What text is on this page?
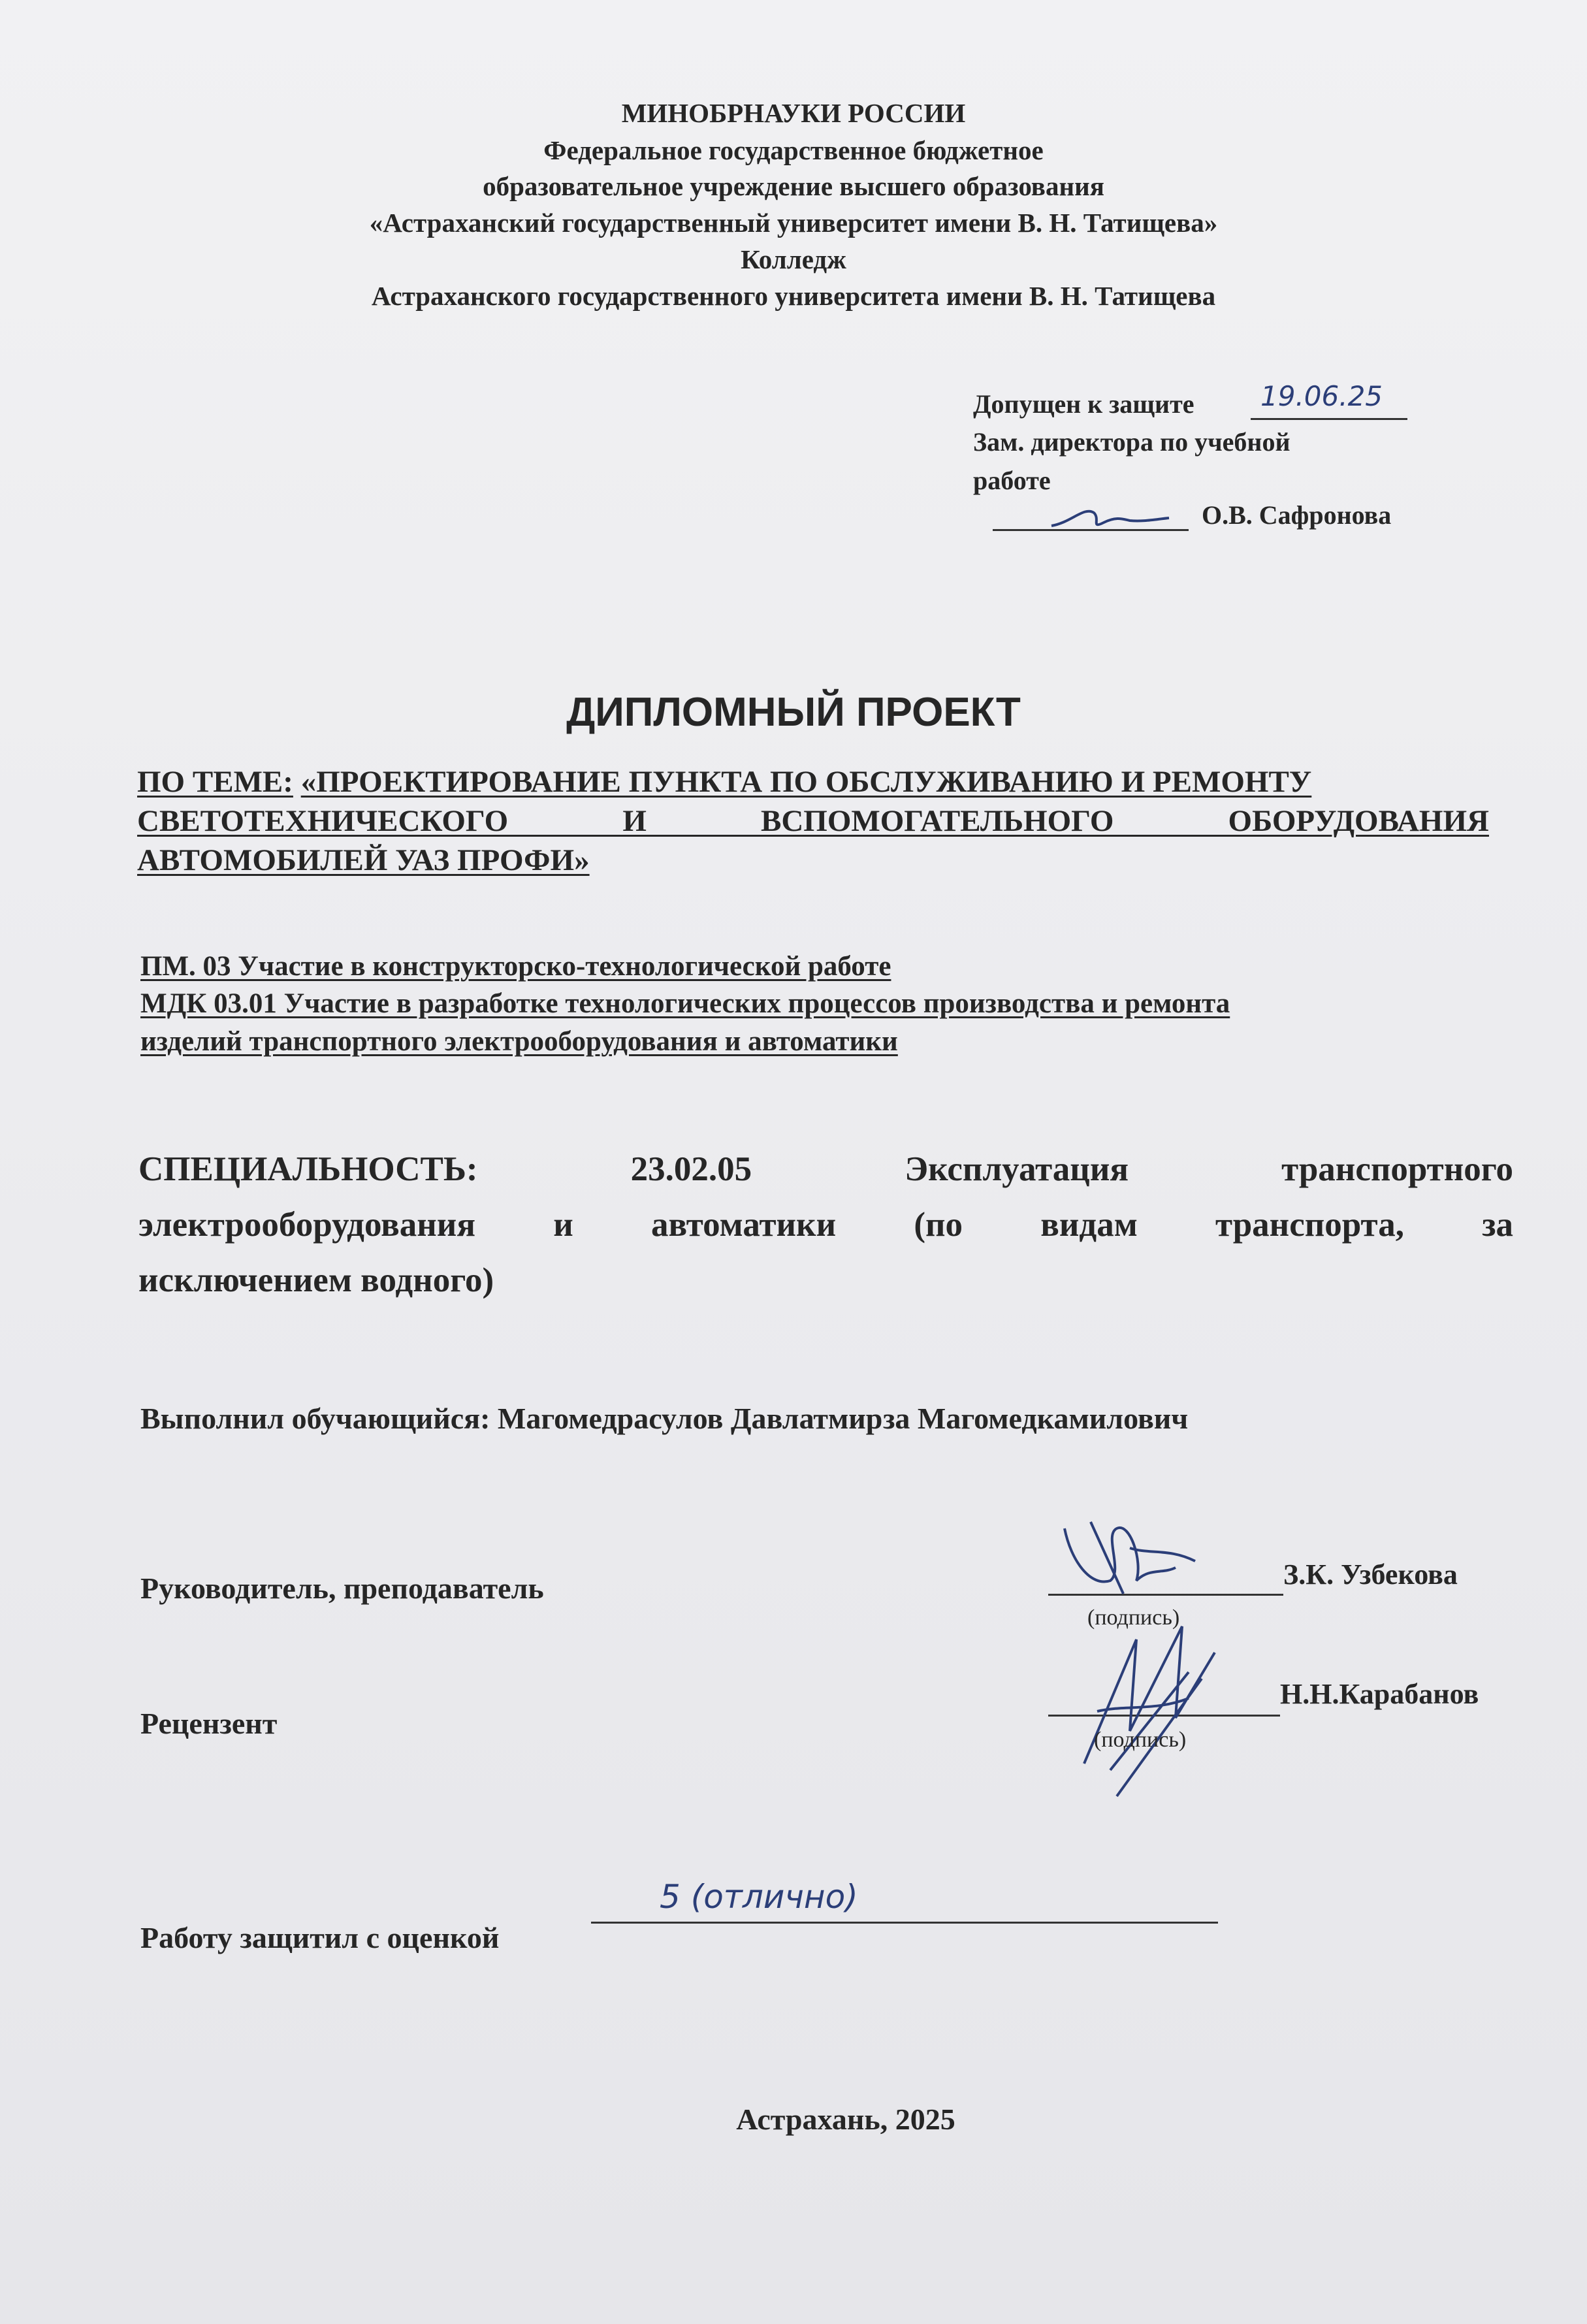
МИНОБРНАУКИ РОССИИ
Федеральное государственное бюджетное
образовательное учреждение высшего образования
«Астраханский государственный университет имени В. Н. Татищева»
Колледж
Астраханского государственного университета имени В. Н. Татищева
Допущен к защите 19.06.25
Зам. директора по учебной
работе
О.В. Сафронова
ДИПЛОМНЫЙ ПРОЕКТ
ПО ТЕМЕ: «ПРОЕКТИРОВАНИЕ ПУНКТА ПО ОБСЛУЖИВАНИЮ И РЕМОНТУ
СВЕТОТЕХНИЧЕСКОГО И ВСПОМОГАТЕЛЬНОГО ОБОРУДОВАНИЯ
АВТОМОБИЛЕЙ УАЗ ПРОФИ»
ПМ. 03 Участие в конструкторско-технологической работе
МДК 03.01 Участие в разработке технологических процессов производства и ремонта
изделий транспортного электрооборудования и автоматики
СПЕЦИАЛЬНОСТЬ: 23.02.05 Эксплуатация транспортного
электрооборудования и автоматики (по видам транспорта, за
исключением водного)
Выполнил обучающийся: Магомедрасулов Давлатмирза Магомедкамилович
Руководитель, преподаватель	З.К. Узбекова
(подпись)
Рецензент
Н.Н.Карабанов
(подпись)
Работу защитил с оценкой
5 (отлично)
Астрахань, 2025
